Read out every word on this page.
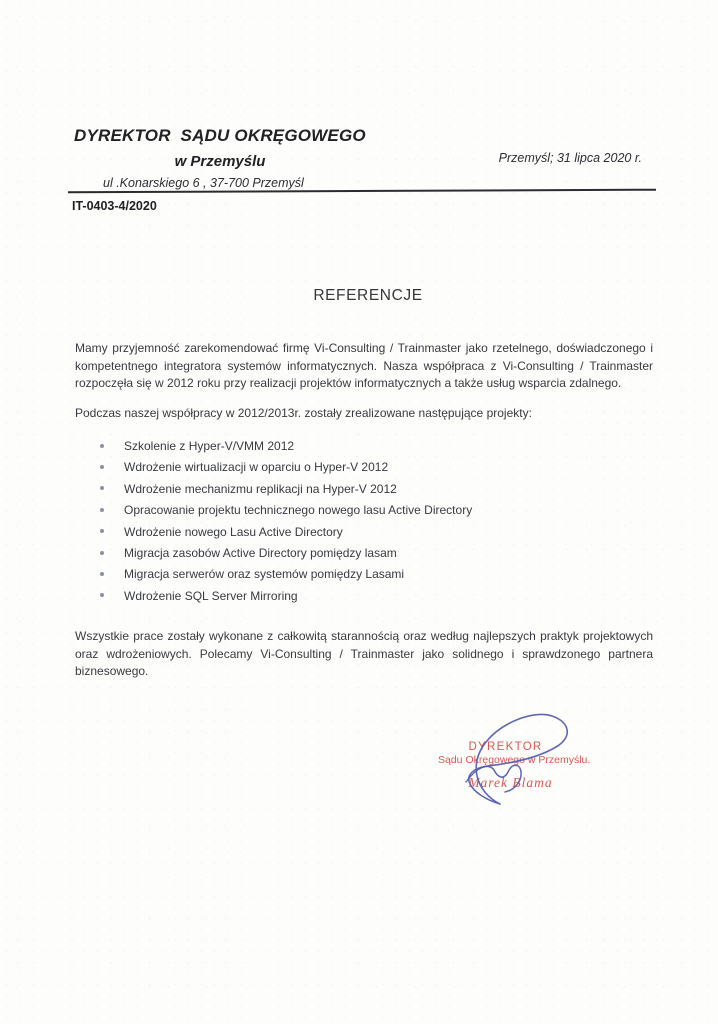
DYREKTOR  SĄDU OKRĘGOWEGO
w Przemyślu
ul .Konarskiego 6 , 37-700 Przemyśl
Przemyśl; 31 lipca 2020 r.
IT-0403-4/2020
REFERENCJE

Mamy przyjemność zarekomendować firmę Vi-Consulting / Trainmaster jako rzetelnego, doświadczonego i kompetentnego integratora systemów informatycznych. Nasza współpraca z Vi-Consulting / Trainmaster rozpoczęła się w 2012 roku przy realizacji projektów informatycznych a także usług wsparcia zdalnego.

Podczas naszej współpracy w 2012/2013r. zostały zrealizowane następujące projekty:

Szkolenie z Hyper-V/VMM 2012
Wdrożenie wirtualizacji w oparciu o Hyper-V 2012
Wdrożenie mechanizmu replikacji na Hyper-V 2012
Opracowanie projektu technicznego nowego lasu Active Directory
Wdrożenie nowego Lasu Active Directory
Migracja zasobów Active Directory pomiędzy lasam
Migracja serwerów oraz systemów pomiędzy Lasami
Wdrożenie SQL Server Mirroring

Wszystkie prace zostały wykonane z całkowitą starannością oraz według najlepszych praktyk projektowych oraz wdrożeniowych. Polecamy Vi-Consulting / Trainmaster jako solidnego i sprawdzonego partnera biznesowego.

DYREKTOR
Sądu Okręgowego w Przemyślu.
Marek Blama
